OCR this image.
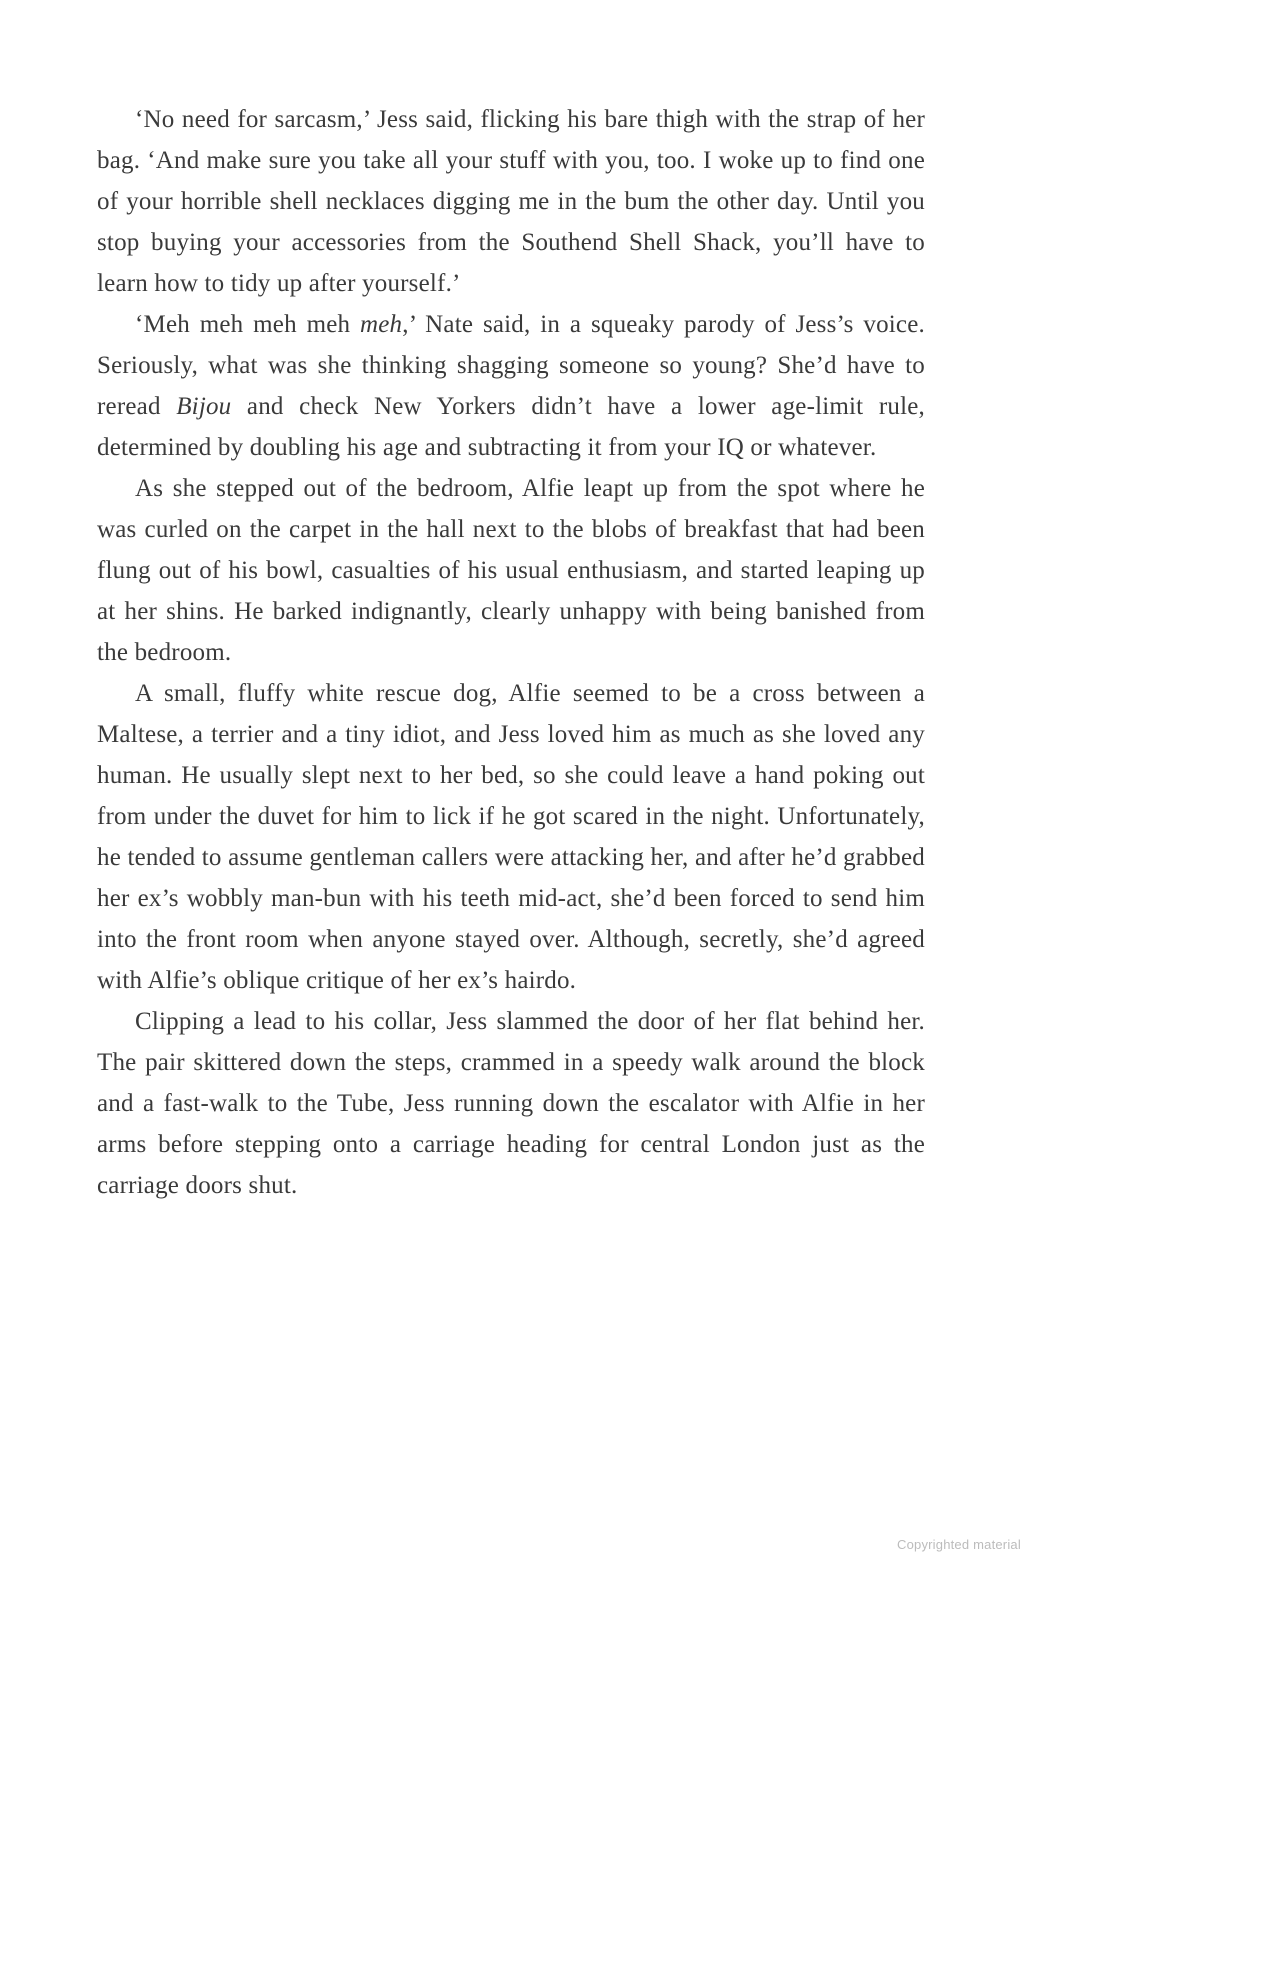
‘No need for sarcasm,’ Jess said, flicking his bare thigh with the strap of her bag. ‘And make sure you take all your stuff with you, too. I woke up to find one of your horrible shell necklaces digging me in the bum the other day. Until you stop buying your accessories from the Southend Shell Shack, you’ll have to learn how to tidy up after yourself.’

‘Meh meh meh meh meh,’ Nate said, in a squeaky parody of Jess’s voice. Seriously, what was she thinking shagging someone so young? She’d have to reread Bijou and check New Yorkers didn’t have a lower age-limit rule, determined by doubling his age and subtracting it from your IQ or whatever.

As she stepped out of the bedroom, Alfie leapt up from the spot where he was curled on the carpet in the hall next to the blobs of breakfast that had been flung out of his bowl, casualties of his usual enthusiasm, and started leaping up at her shins. He barked indignantly, clearly unhappy with being banished from the bedroom.

A small, fluffy white rescue dog, Alfie seemed to be a cross between a Maltese, a terrier and a tiny idiot, and Jess loved him as much as she loved any human. He usually slept next to her bed, so she could leave a hand poking out from under the duvet for him to lick if he got scared in the night. Unfortunately, he tended to assume gentleman callers were attacking her, and after he’d grabbed her ex’s wobbly man-bun with his teeth mid-act, she’d been forced to send him into the front room when anyone stayed over. Although, secretly, she’d agreed with Alfie’s oblique critique of her ex’s hairdo.

Clipping a lead to his collar, Jess slammed the door of her flat behind her. The pair skittered down the steps, crammed in a speedy walk around the block and a fast-walk to the Tube, Jess running down the escalator with Alfie in her arms before stepping onto a carriage heading for central London just as the carriage doors shut.

Copyrighted material
